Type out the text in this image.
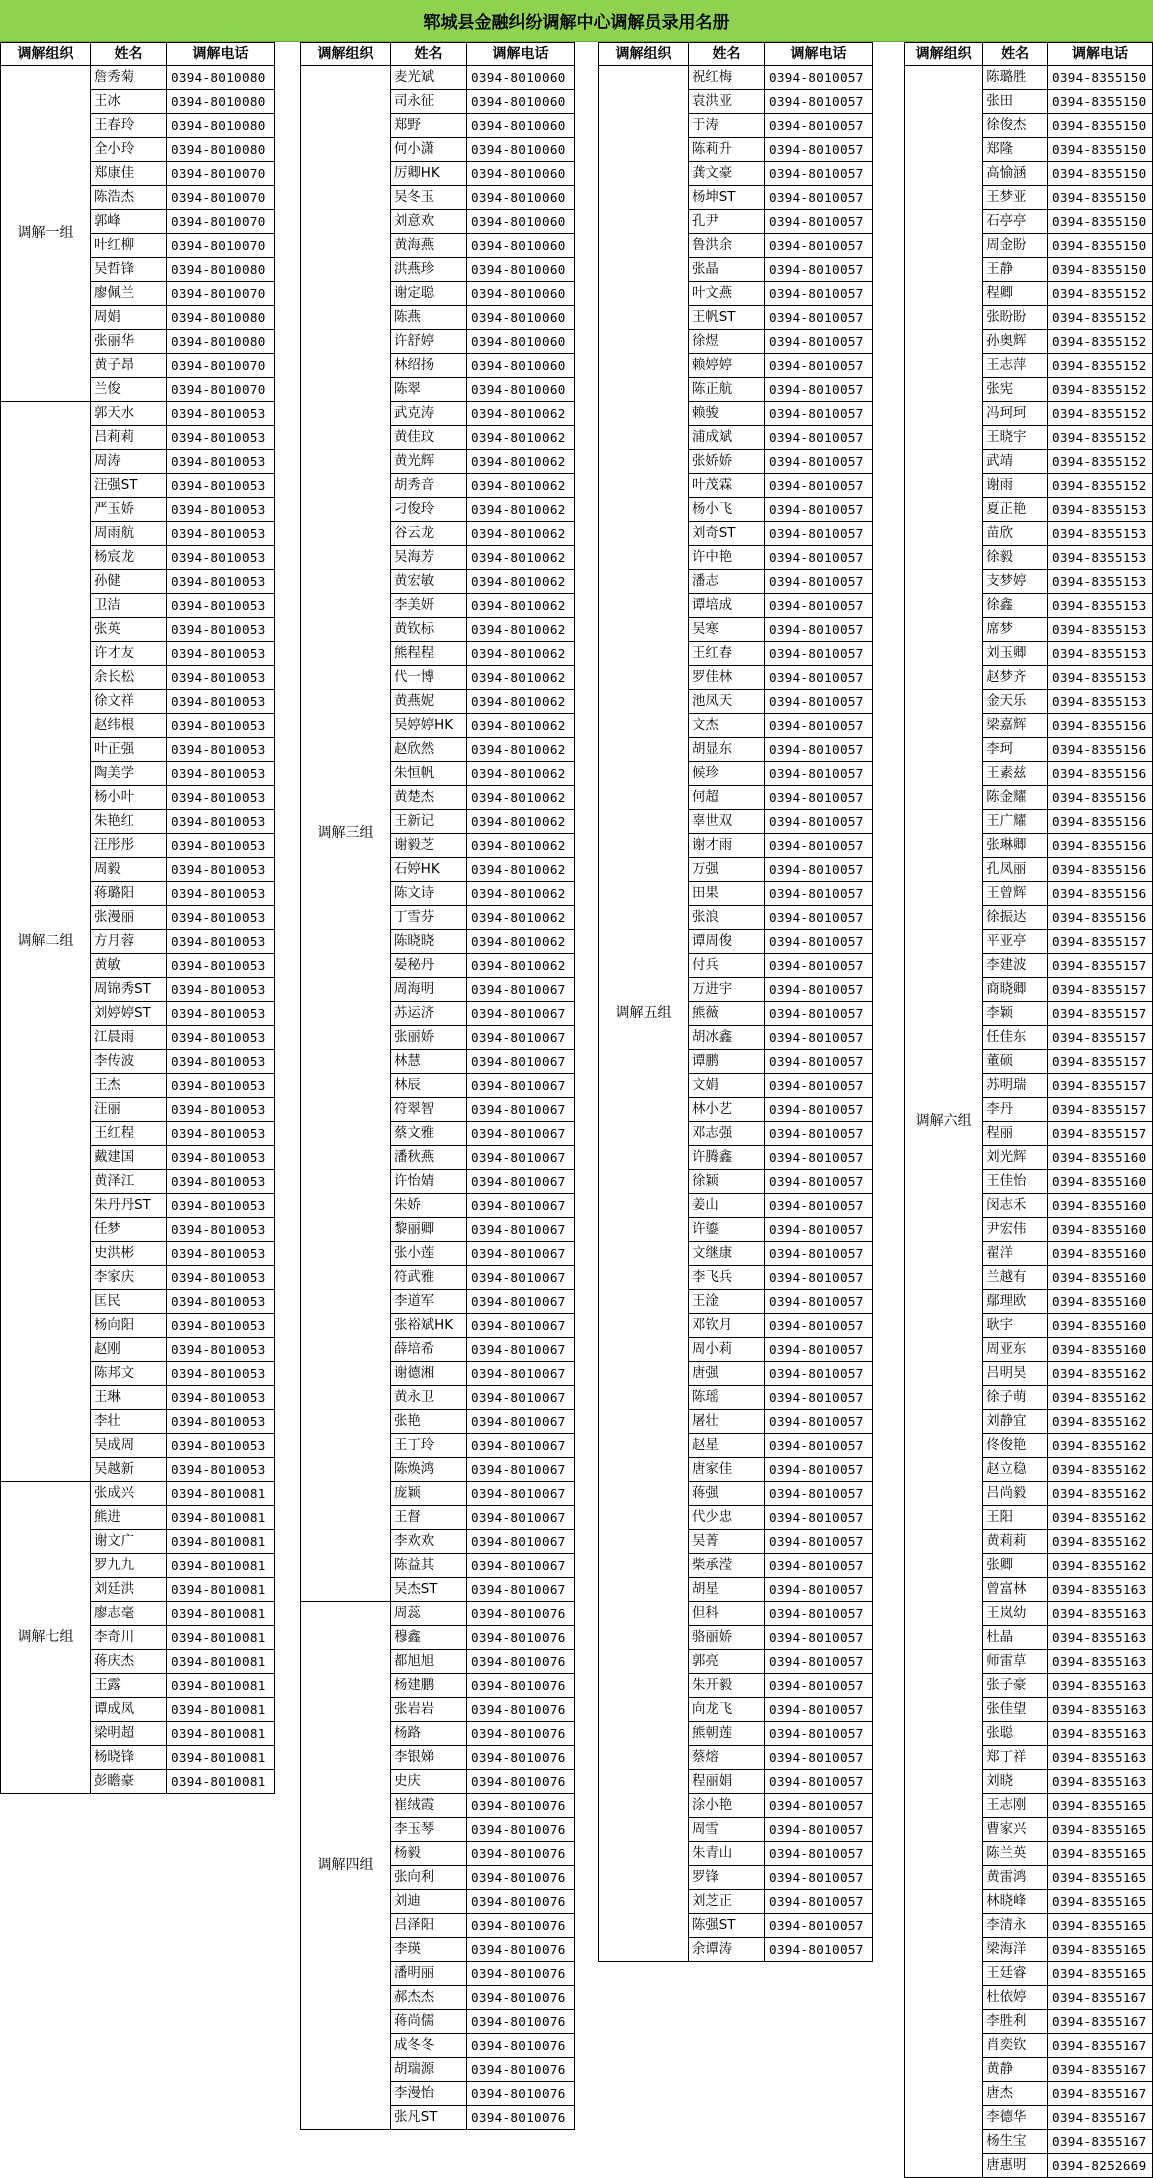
郓城县金融纠纷调解中心调解员录用名册
调解组织	姓名	调解电话
调解一组	詹秀菊	0394-8010080
	王冰	0394-8010080
	王春玲	0394-8010080
	全小玲	0394-8010080
	郑康佳	0394-8010070
	陈浩杰	0394-8010070
	郭峰	0394-8010070
	叶红柳	0394-8010070
	吴哲锋	0394-8010080
	廖佩兰	0394-8010070
	周娟	0394-8010080
	张丽华	0394-8010080
	黄子昂	0394-8010070
	兰俊	0394-8010070
调解二组	郭天水	0394-8010053
	吕莉莉	0394-8010053
	周涛	0394-8010053
	汪强ST	0394-8010053
	严玉娇	0394-8010053
	周雨航	0394-8010053
	杨宸龙	0394-8010053
	孙健	0394-8010053
	卫洁	0394-8010053
	张英	0394-8010053
	许才友	0394-8010053
	余长松	0394-8010053
	徐文祥	0394-8010053
	赵纬根	0394-8010053
	叶正强	0394-8010053
	陶美学	0394-8010053
	杨小叶	0394-8010053
	朱艳红	0394-8010053
	汪彤彤	0394-8010053
	周毅	0394-8010053
	蒋璐阳	0394-8010053
	张漫丽	0394-8010053
	方月蓉	0394-8010053
	黄敏	0394-8010053
	周锦秀ST	0394-8010053
	刘婷婷ST	0394-8010053
	江晨雨	0394-8010053
	李传波	0394-8010053
	王杰	0394-8010053
	汪丽	0394-8010053
	王红程	0394-8010053
	戴建国	0394-8010053
	黄泽江	0394-8010053
	朱丹丹ST	0394-8010053
	任梦	0394-8010053
	史洪彬	0394-8010053
	李家庆	0394-8010053
	匡民	0394-8010053
	杨向阳	0394-8010053
	赵刚	0394-8010053
	陈邦文	0394-8010053
	王琳	0394-8010053
	李壮	0394-8010053
	吴成周	0394-8010053
	吴越新	0394-8010053
调解七组	张成兴	0394-8010081
	熊进	0394-8010081
	谢文广	0394-8010081
	罗九九	0394-8010081
	刘廷洪	0394-8010081
	廖志毫	0394-8010081
	李奇川	0394-8010081
	蒋庆杰	0394-8010081
	王露	0394-8010081
	谭成凤	0394-8010081
	梁明超	0394-8010081
	杨晓锋	0394-8010081
	彭瞻豪	0394-8010081
调解组织	姓名	调解电话
调解三组	麦光斌	0394-8010060
	司永征	0394-8010060
	郑野	0394-8010060
	何小潇	0394-8010060
	厉卿HK	0394-8010060
	吴冬玉	0394-8010060
	刘意欢	0394-8010060
	黄海燕	0394-8010060
	洪燕珍	0394-8010060
	谢定聪	0394-8010060
	陈燕	0394-8010060
	许舒婷	0394-8010060
	林绍扬	0394-8010060
	陈翠	0394-8010060
	武克涛	0394-8010062
	黄佳玟	0394-8010062
	黄光辉	0394-8010062
	胡秀音	0394-8010062
	刁俊玲	0394-8010062
	谷云龙	0394-8010062
	吴海芳	0394-8010062
	黄宏敏	0394-8010062
	李美妍	0394-8010062
	黄钦标	0394-8010062
	熊程程	0394-8010062
	代一博	0394-8010062
	黄燕妮	0394-8010062
	吴婷婷HK	0394-8010062
	赵欣然	0394-8010062
	朱恒帆	0394-8010062
	黄楚杰	0394-8010062
	王新记	0394-8010062
	谢毅芝	0394-8010062
	石婷HK	0394-8010062
	陈文诗	0394-8010062
	丁雪芬	0394-8010062
	陈晓晓	0394-8010062
	晏秘丹	0394-8010062
	周海明	0394-8010067
	苏运济	0394-8010067
	张丽娇	0394-8010067
	林慧	0394-8010067
	林辰	0394-8010067
	符翠智	0394-8010067
	蔡文雅	0394-8010067
	潘秋燕	0394-8010067
	许怡婧	0394-8010067
	朱娇	0394-8010067
	黎丽卿	0394-8010067
	张小莲	0394-8010067
	符武雅	0394-8010067
	李道军	0394-8010067
	张裕斌HK	0394-8010067
	薛培希	0394-8010067
	谢德湘	0394-8010067
	黄永卫	0394-8010067
	张艳	0394-8010067
	王丁玲	0394-8010067
	陈焕鸿	0394-8010067
	庞颖	0394-8010067
	王督	0394-8010067
	李欢欢	0394-8010067
	陈益其	0394-8010067
	吴杰ST	0394-8010067
调解四组	周蕊	0394-8010076
	穆鑫	0394-8010076
	都旭旭	0394-8010076
	杨建鹏	0394-8010076
	张岩岩	0394-8010076
	杨路	0394-8010076
	李银娣	0394-8010076
	史庆	0394-8010076
	崔绒霞	0394-8010076
	李玉琴	0394-8010076
	杨毅	0394-8010076
	张向利	0394-8010076
	刘迪	0394-8010076
	吕泽阳	0394-8010076
	李瑛	0394-8010076
	潘明丽	0394-8010076
	郝杰杰	0394-8010076
	蒋尚儒	0394-8010076
	成冬冬	0394-8010076
	胡瑞源	0394-8010076
	李漫怡	0394-8010076
	张凡ST	0394-8010076
调解组织	姓名	调解电话
调解五组	祝红梅	0394-8010057
	袁洪亚	0394-8010057
	于涛	0394-8010057
	陈莉升	0394-8010057
	龚文豪	0394-8010057
	杨坤ST	0394-8010057
	孔尹	0394-8010057
	鲁洪余	0394-8010057
	张晶	0394-8010057
	叶文燕	0394-8010057
	王帆ST	0394-8010057
	徐煜	0394-8010057
	赖婷婷	0394-8010057
	陈正航	0394-8010057
	赖骏	0394-8010057
	浦成斌	0394-8010057
	张娇娇	0394-8010057
	叶茂霖	0394-8010057
	杨小飞	0394-8010057
	刘奇ST	0394-8010057
	许中艳	0394-8010057
	潘志	0394-8010057
	谭培成	0394-8010057
	吴寒	0394-8010057
	王红春	0394-8010057
	罗佳林	0394-8010057
	池凤天	0394-8010057
	文杰	0394-8010057
	胡显东	0394-8010057
	候珍	0394-8010057
	何超	0394-8010057
	辜世双	0394-8010057
	谢才雨	0394-8010057
	万强	0394-8010057
	田果	0394-8010057
	张浪	0394-8010057
	谭周俊	0394-8010057
	付兵	0394-8010057
	万进宇	0394-8010057
	熊薇	0394-8010057
	胡冰鑫	0394-8010057
	谭鹏	0394-8010057
	文娟	0394-8010057
	林小艺	0394-8010057
	邓志强	0394-8010057
	许腾鑫	0394-8010057
	徐颖	0394-8010057
	姜山	0394-8010057
	许鎏	0394-8010057
	文继康	0394-8010057
	李飞兵	0394-8010057
	王淦	0394-8010057
	邓钦月	0394-8010057
	周小莉	0394-8010057
	唐强	0394-8010057
	陈瑶	0394-8010057
	屠壮	0394-8010057
	赵星	0394-8010057
	唐家佳	0394-8010057
	蒋强	0394-8010057
	代少忠	0394-8010057
	吴菁	0394-8010057
	柴承滢	0394-8010057
	胡星	0394-8010057
	但科	0394-8010057
	骆丽娇	0394-8010057
	郭亮	0394-8010057
	朱开毅	0394-8010057
	向龙飞	0394-8010057
	熊朝莲	0394-8010057
	蔡熔	0394-8010057
	程丽娟	0394-8010057
	涂小艳	0394-8010057
	周雪	0394-8010057
	朱青山	0394-8010057
	罗锋	0394-8010057
	刘芝正	0394-8010057
	陈强ST	0394-8010057
	余谭涛	0394-8010057
调解组织	姓名	调解电话
调解六组	陈璐胜	0394-8355150
	张田	0394-8355150
	徐俊杰	0394-8355150
	郑隆	0394-8355150
	高愉涵	0394-8355150
	王梦亚	0394-8355150
	石亭亭	0394-8355150
	周金盼	0394-8355150
	王静	0394-8355150
	程卿	0394-8355152
	张盼盼	0394-8355152
	孙奥辉	0394-8355152
	王志萍	0394-8355152
	张宪	0394-8355152
	冯珂珂	0394-8355152
	王晓宇	0394-8355152
	武靖	0394-8355152
	谢雨	0394-8355152
	夏正艳	0394-8355153
	苗欣	0394-8355153
	徐毅	0394-8355153
	支梦婷	0394-8355153
	徐鑫	0394-8355153
	席梦	0394-8355153
	刘玉卿	0394-8355153
	赵梦齐	0394-8355153
	金天乐	0394-8355153
	梁嘉辉	0394-8355156
	李珂	0394-8355156
	王素兹	0394-8355156
	陈金耀	0394-8355156
	王广耀	0394-8355156
	张琳卿	0394-8355156
	孔凤丽	0394-8355156
	王曾辉	0394-8355156
	徐振达	0394-8355156
	平亚亭	0394-8355157
	李建波	0394-8355157
	商晓卿	0394-8355157
	李颖	0394-8355157
	任佳东	0394-8355157
	董硕	0394-8355157
	苏明瑞	0394-8355157
	李丹	0394-8355157
	程丽	0394-8355157
	刘光辉	0394-8355160
	王佳怡	0394-8355160
	闵志禾	0394-8355160
	尹宏伟	0394-8355160
	翟洋	0394-8355160
	兰越有	0394-8355160
	鄢理欧	0394-8355160
	耿宇	0394-8355160
	周亚东	0394-8355160
	吕明昊	0394-8355162
	徐子萌	0394-8355162
	刘静宜	0394-8355162
	佟俊艳	0394-8355162
	赵立稳	0394-8355162
	吕尚毅	0394-8355162
	王阳	0394-8355162
	黄莉莉	0394-8355162
	张卿	0394-8355162
	曾富林	0394-8355163
	王岚幼	0394-8355163
	杜晶	0394-8355163
	师雷草	0394-8355163
	张子豪	0394-8355163
	张佳望	0394-8355163
	张聪	0394-8355163
	郑丁祥	0394-8355163
	刘晓	0394-8355163
	王志刚	0394-8355165
	曹家兴	0394-8355165
	陈兰英	0394-8355165
	黄雷鸿	0394-8355165
	林晓峰	0394-8355165
	李清永	0394-8355165
	梁海洋	0394-8355165
	王廷睿	0394-8355165
	杜依婷	0394-8355167
	李胜利	0394-8355167
	肖奕钦	0394-8355167
	黄静	0394-8355167
	唐杰	0394-8355167
	李德华	0394-8355167
	杨生宝	0394-8355167
	唐惠明	0394-8252669
